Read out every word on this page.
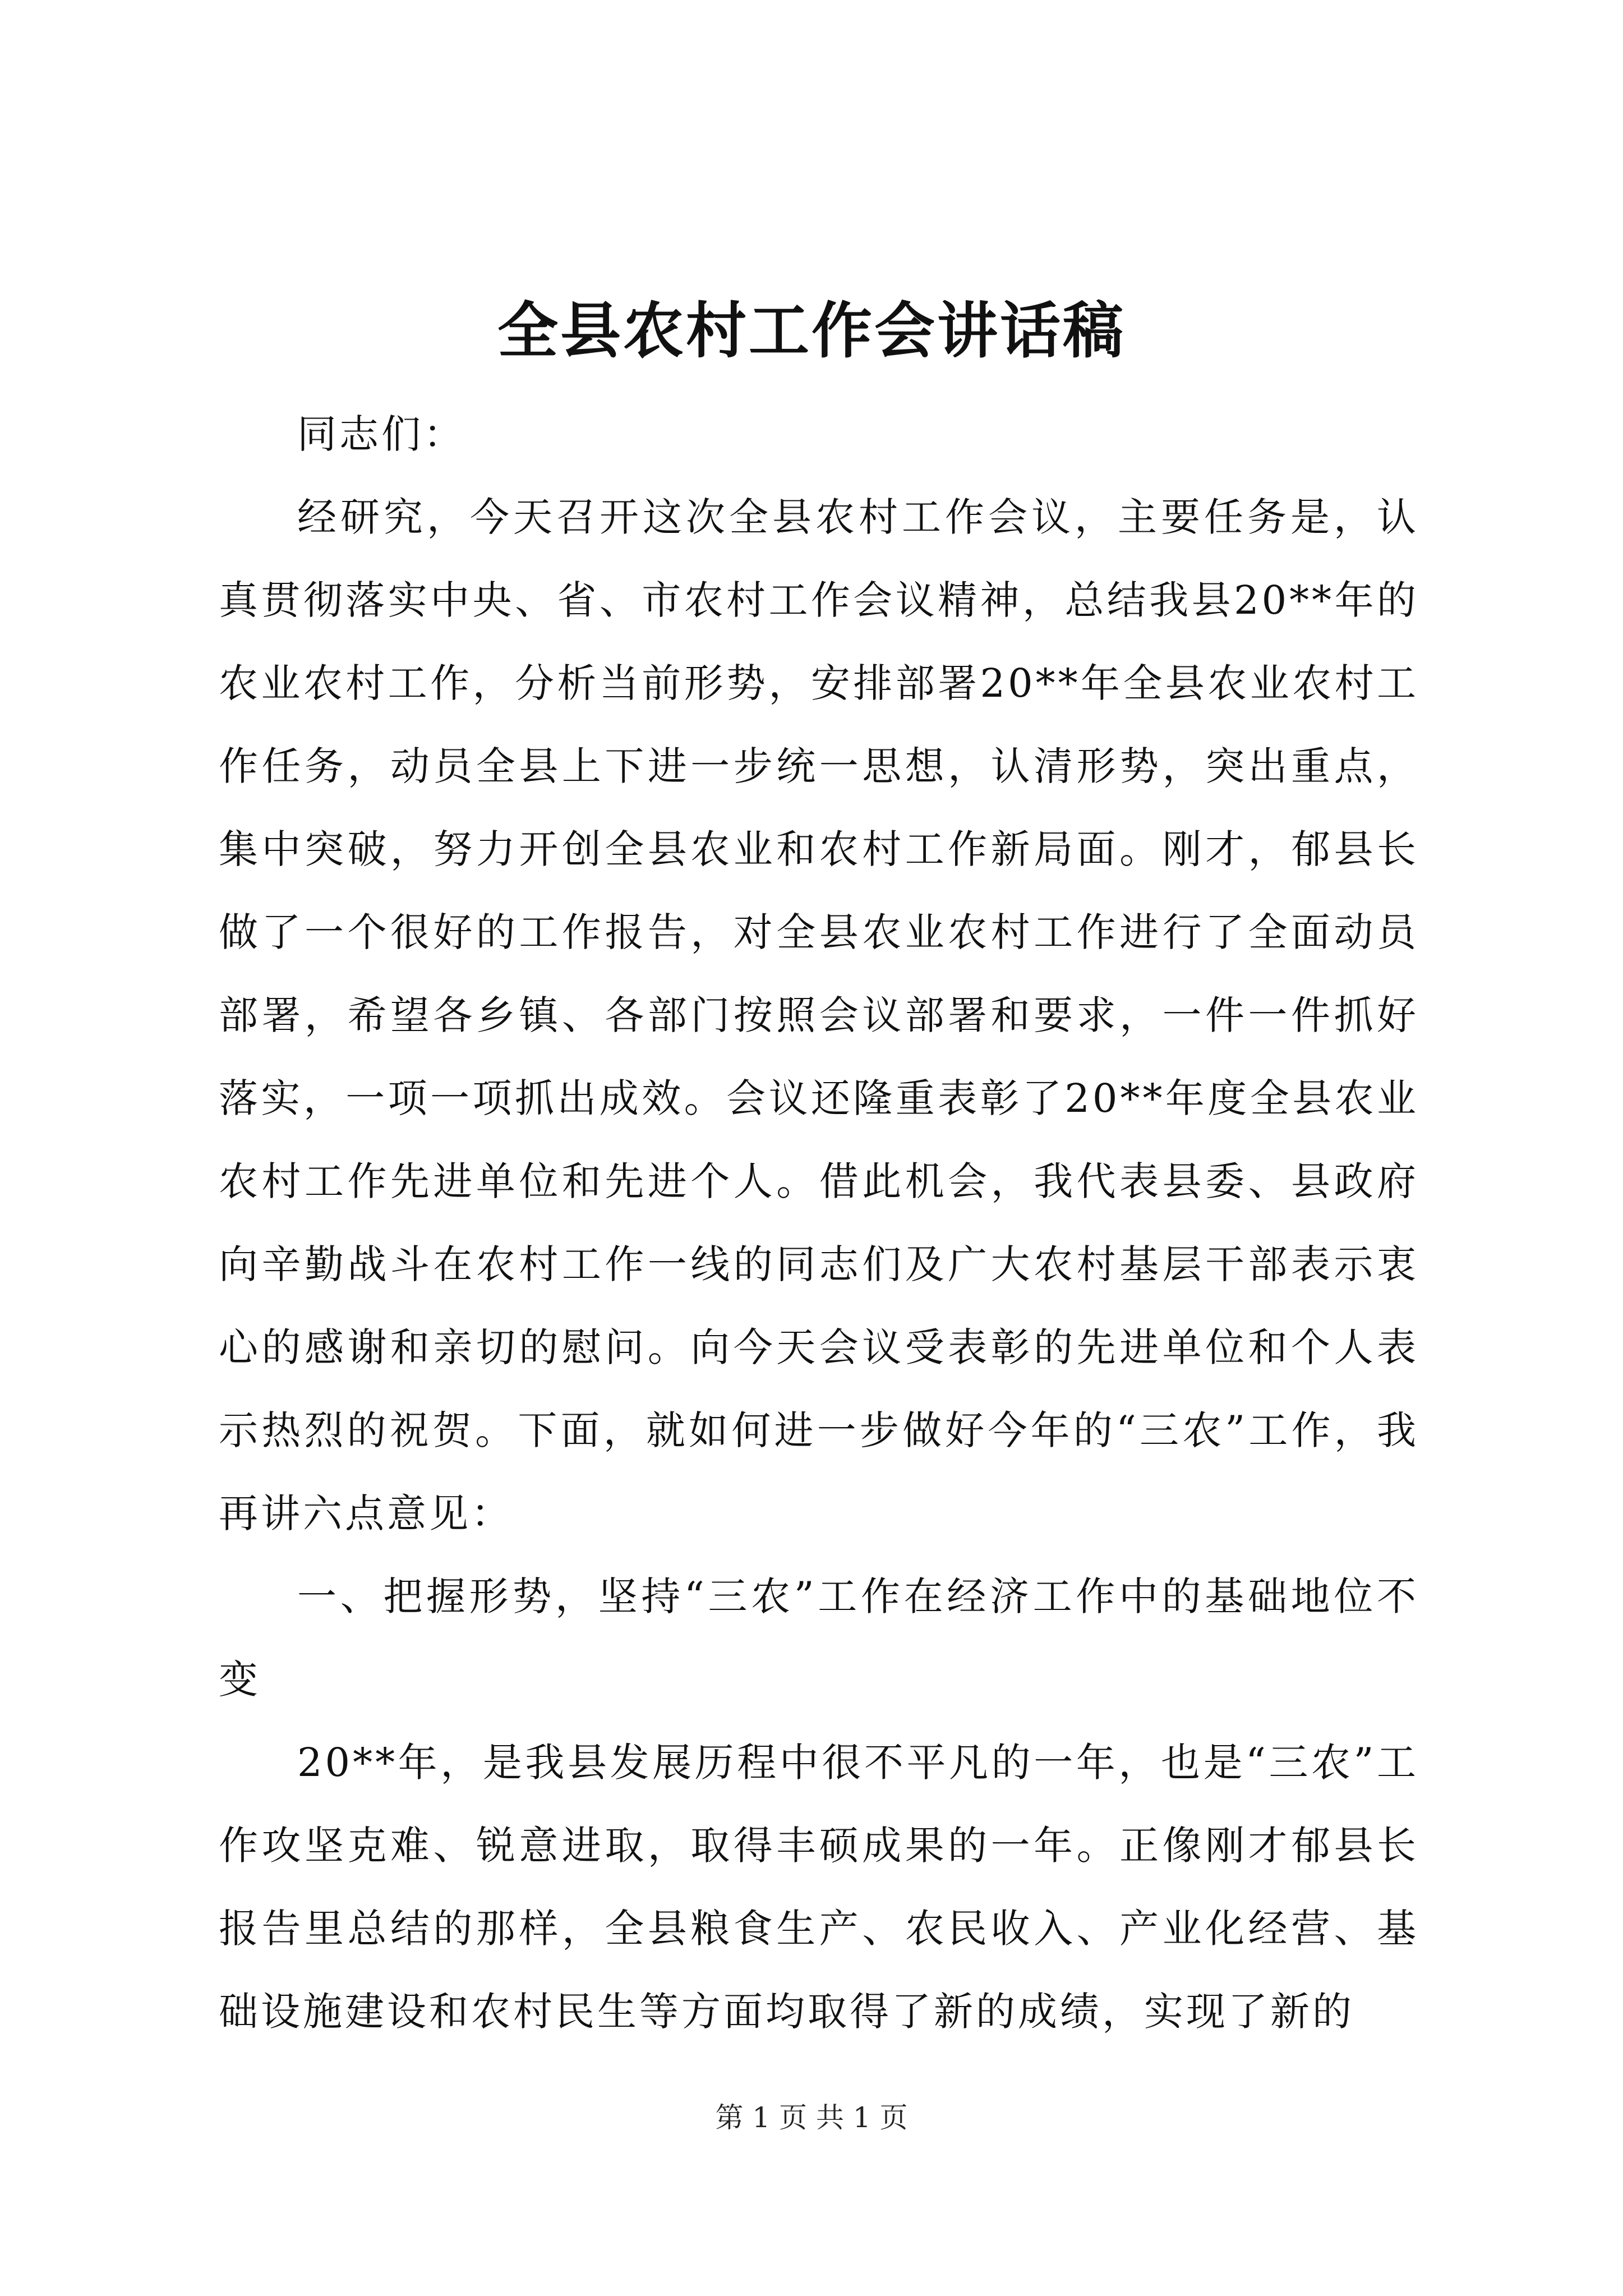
全县农村工作会讲话稿

同志们：

经研究，今天召开这次全县农村工作会议，主要任务是，认真贯彻落实中央、省、市农村工作会议精神，总结我县20**年的农业农村工作，分析当前形势，安排部署20**年全县农业农村工作任务，动员全县上下进一步统一思想，认清形势，突出重点，集中突破，努力开创全县农业和农村工作新局面。刚才，郁县长做了一个很好的工作报告，对全县农业农村工作进行了全面动员部署，希望各乡镇、各部门按照会议部署和要求，一件一件抓好落实，一项一项抓出成效。会议还隆重表彰了20**年度全县农业农村工作先进单位和先进个人。借此机会，我代表县委、县政府向辛勤战斗在农村工作一线的同志们及广大农村基层干部表示衷心的感谢和亲切的慰问。向今天会议受表彰的先进单位和个人表示热烈的祝贺。下面，就如何进一步做好今年的“三农”工作，我再讲六点意见：

一、把握形势，坚持“三农”工作在经济工作中的基础地位不变

20**年，是我县发展历程中很不平凡的一年，也是“三农”工作攻坚克难、锐意进取，取得丰硕成果的一年。正像刚才郁县长报告里总结的那样，全县粮食生产、农民收入、产业化经营、基础设施建设和农村民生等方面均取得了新的成绩，实现了新的

第 1 页 共 1 页
